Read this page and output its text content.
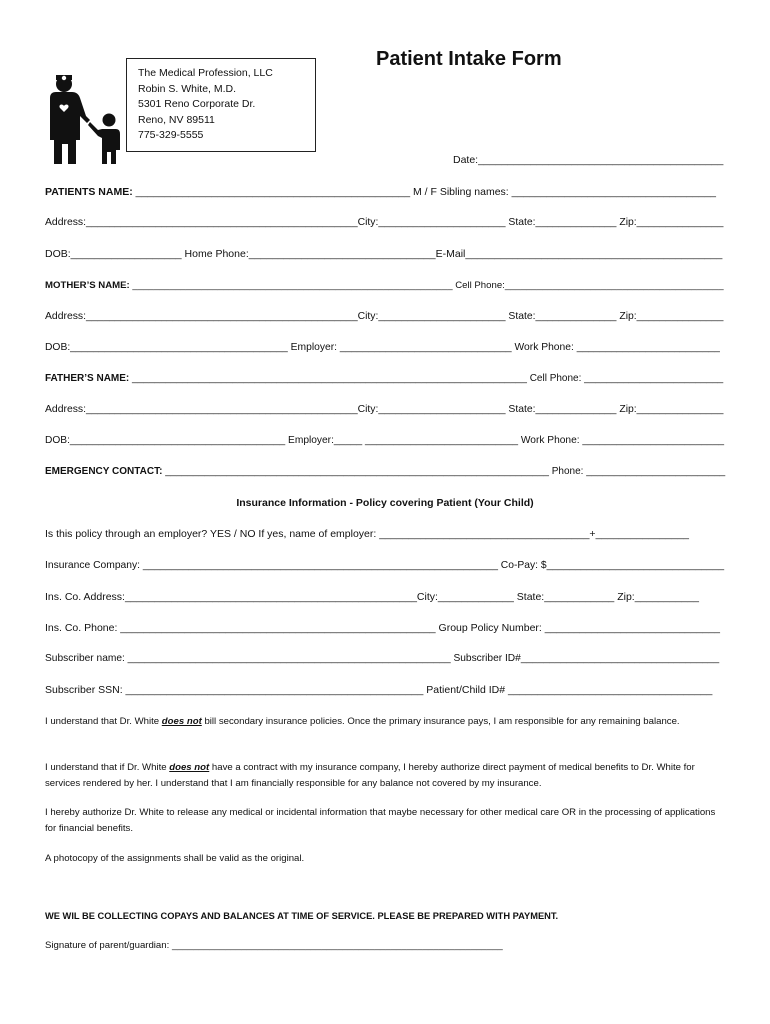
The Medical Profession, LLC
Robin S. White, M.D.
5301 Reno Corporate Dr.
Reno, NV 89511
775-329-5555
Patient Intake Form
Date:__________________________________________
PATIENTS NAME: _______________________________________________ M / F Sibling names: ___________________________________
Address:_______________________________________________City:______________________ State:______________ Zip:_______________
DOB:___________________ Home Phone:________________________________E-Mail____________________________________________
MOTHER’S NAME: ____________________________________________________________ Cell Phone:_________________________________________
Address:_______________________________________________City:______________________ State:______________ Zip:_______________
DOB:______________________________________ Employer: ______________________________ Work Phone: _________________________
FATHER’S NAME: _______________________________________________________________________ Cell Phone: _________________________
Address:_______________________________________________City:______________________ State:______________ Zip:_______________
DOB:______________________________________ Employer:_____ ___________________________ Work Phone: _________________________
EMERGENCY CONTACT: _____________________________________________________________________ Phone: _________________________
Insurance Information - Policy covering Patient (Your Child)
Is this policy through an employer? YES / NO If yes, name of employer: ____________________________________+________________
Insurance Company: ______________________________________________________________ Co-Pay: $_______________________________
Ins. Co. Address:__________________________________________________City:_____________ State:____________ Zip:___________
Ins. Co. Phone: ______________________________________________________ Group Policy Number: ______________________________
Subscriber name: _________________________________________________________ Subscriber ID#___________________________________
Subscriber SSN: ___________________________________________________ Patient/Child ID# ___________________________________
I understand that Dr. White does not bill secondary insurance policies. Once the primary insurance pays, I am responsible for any remaining balance.
I understand that if Dr. White does not have a contract with my insurance company, I hereby authorize direct payment of medical benefits to Dr. White for services rendered by her. I understand that I am financially responsible for any balance not covered by my insurance.
I hereby authorize Dr. White to release any medical or incidental information that maybe necessary for other medical care OR in the processing of applications for financial benefits.
A photocopy of the assignments shall be valid as the original.
WE WIL BE COLLECTING COPAYS AND BALANCES AT TIME OF SERVICE. PLEASE BE PREPARED WITH PAYMENT.
Signature of parent/guardian: ______________________________________________________________
